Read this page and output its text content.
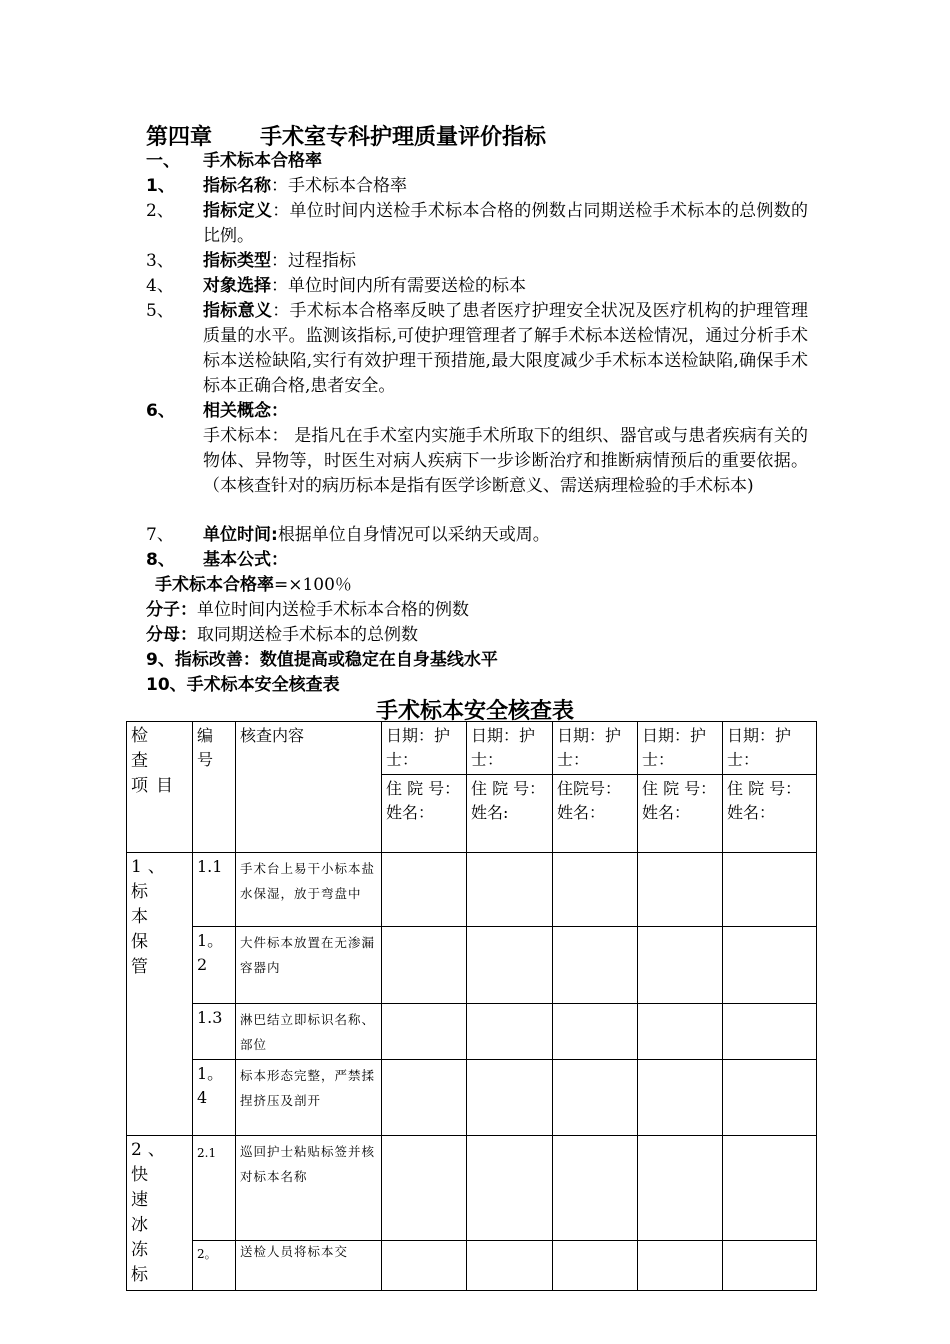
第四章 手术室专科护理质量评价指标
一、 手术标本合格率
1、 指标名称：手术标本合格率
2、 指标定义：单位时间内送检手术标本合格的例数占同期送检手术标本的总例数的比例。
3、 指标类型：过程指标
4、 对象选择：单位时间内所有需要送检的标本
5、 指标意义：手术标本合格率反映了患者医疗护理安全状况及医疗机构的护理管理质量的水平。监测该指标,可使护理管理者了解手术标本送检情况，通过分析手术标本送检缺陷,实行有效护理干预措施,最大限度减少手术标本送检缺陷,确保手术标本正确合格,患者安全。
6、 相关概念：
手术标本： 是指凡在手术室内实施手术所取下的组织、器官或与患者疾病有关的物体、异物等，时医生对病人疾病下一步诊断治疗和推断病情预后的重要依据。（本核查针对的病历标本是指有医学诊断意义、需送病理检验的手术标本)
7、 单位时间:根据单位自身情况可以采纳天或周。
8、 基本公式：
手术标本合格率=×100％
分子：单位时间内送检手术标本合格的例数
分母：取同期送检手术标本的总例数
9、指标改善：数值提高或稳定在自身基线水平
10、手术标本安全核查表
手术标本安全核查表
检 查 项目	编 号	核查内容	日期：护士：	日期：护士：	日期：护士：	日期：护士：	日期：护士：
			住 院 号： 姓名：	住 院 号： 姓名:	住院号：姓名：	住 院 号： 姓名：	住 院 号： 姓名：
1、标 本 保 管	1.1	手术台上易干小标本盐水保湿，放于弯盘中					
	1。2	大件标本放置在无渗漏容器内					
	1.3	淋巴结立即标识名称、部位					
	1。4	标本形态完整，严禁揉捏挤压及剖开					
2、快 速 冰 冻 标	2.1	巡回护士粘贴标签并核对标本名称					
	2。	送检人员将标本交					
